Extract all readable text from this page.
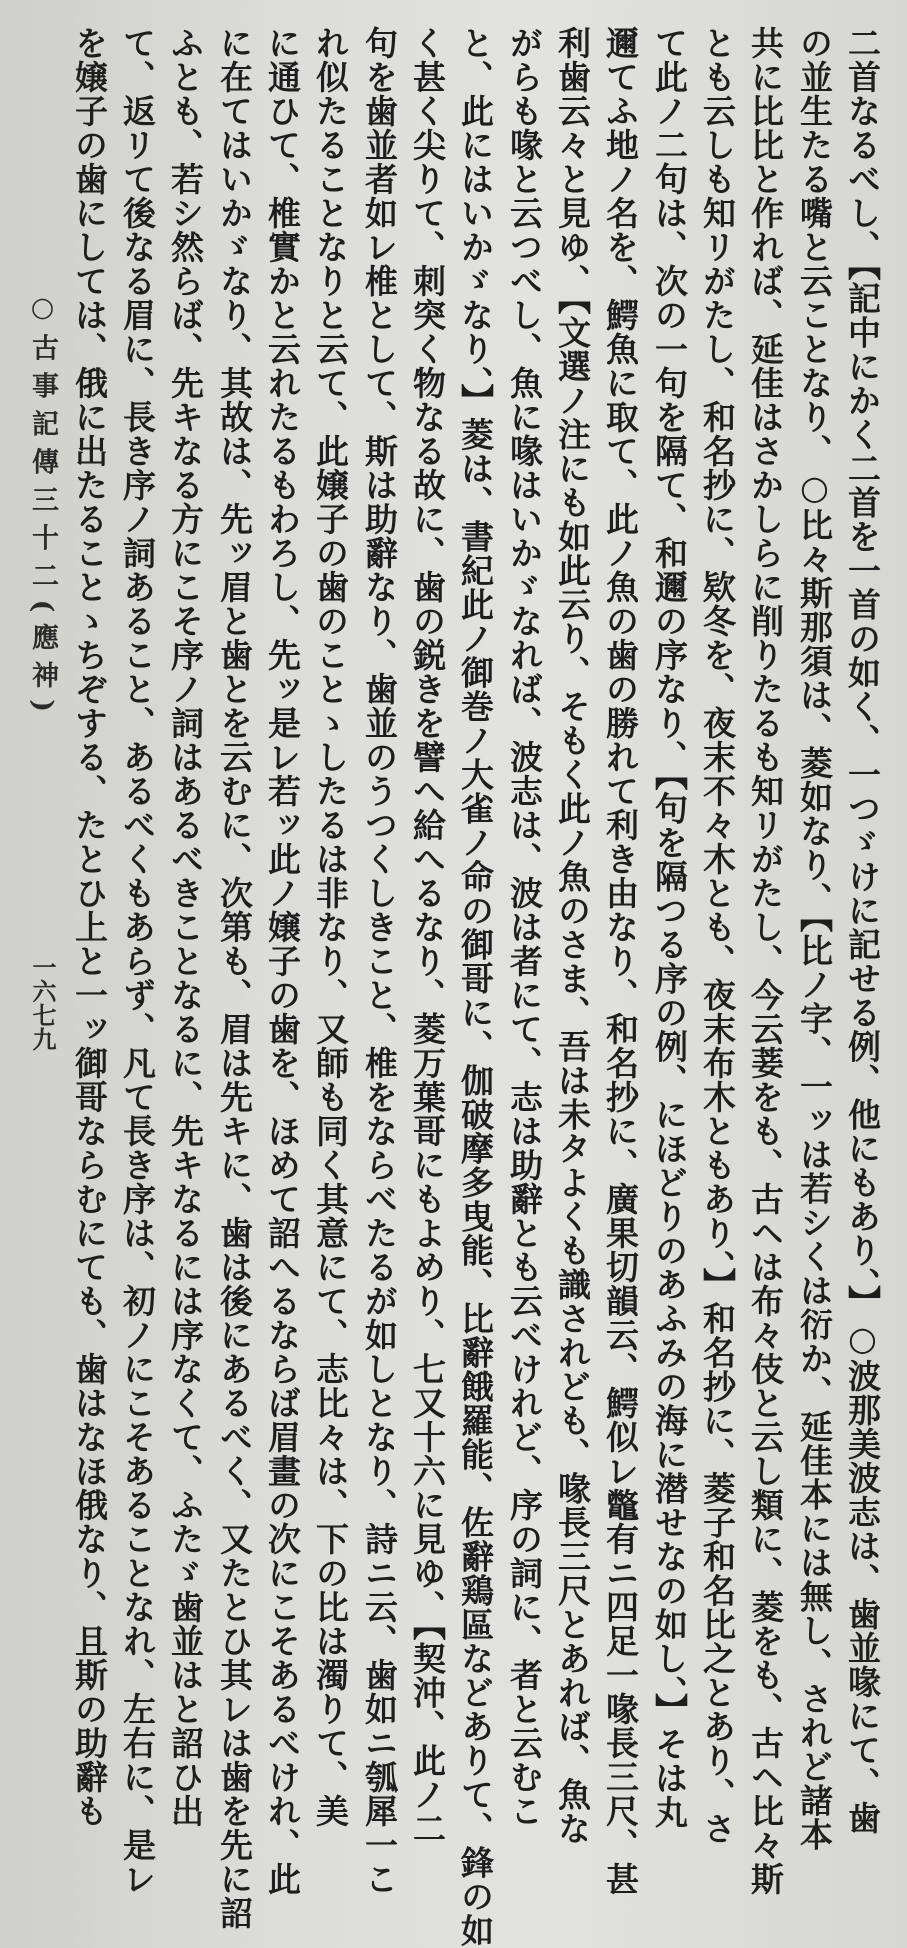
二首なるべし、【記中にかく二首を一首の如く、一つゞけに記せる例、他にもあり、】○波那美波志は、歯並喙にて、歯
の並生たる嘴と云ことなり、○比々斯那須は、菱如なり、【比ノ字、一ッは若シくは衍か、延佳本には無し、されど諸本
共に比比と作れば、延佳はさかしらに削りたるも知リがたし、今云菨をも、古ヘは布々伎と云し類に、菱をも、古ヘ比々斯
とも云しも知リがたし、和名抄に、欵冬を、夜末不々木とも、夜末布木ともあり、】和名抄に、菱子和名比之とあり、さ
て此ノ二句は、次の一句を隔て、和邇の序なり、【句を隔つる序の例、にほどりのあふみの海に潜せなの如し、】そは丸
邇てふ地ノ名を、鰐魚に取て、此ノ魚の歯の勝れて利き由なり、和名抄に、廣果切韻云、鰐似レ鼈有ニ四足一喙長三尺、甚
利歯云々と見ゆ、【文選ノ注にも如此云り、そもく此ノ魚のさま、吾は未タよくも識されども、喙長三尺とあれば、魚な
がらも喙と云つべし、魚に喙はいかゞなれば、波志は、波は者にて、志は助辭とも云べけれど、序の詞に、者と云むこ
と、此にはいかゞなり、】菱は、書紀此ノ御巻ノ大雀ノ命の御哥に、伽破摩多曳能、比辭餓羅能、佐辭鶏區などありて、鋒の如
く甚く尖りて、刺突く物なる故に、歯の鋭きを譬へ給へるなり、菱万葉哥にもよめり、七又十六に見ゆ、【契沖、此ノ二
句を歯並者如レ椎として、斯は助辭なり、歯並のうつくしきこと、椎をならべたるが如しとなり、詩ニ云、歯如ニ瓠犀一こ
れ似たることなりと云て、此嬢子の歯のことゝしたるは非なり、又師も同く其意にて、志比々は、下の比は濁りて、美
に通ひて、椎實かと云れたるもわろし、先ッ是レ若ッ此ノ嬢子の歯を、ほめて詔へるならば眉畫の次にこそあるべけれ、此
に在てはいかゞなり、其故は、先ッ眉と歯とを云むに、次第も、眉は先キに、歯は後にあるべく、又たとひ其レは歯を先に詔
ふとも、若シ然らば、先キなる方にこそ序ノ詞はあるべきことなるに、先キなるには序なくて、ふたゞ歯並はと詔ひ出
て、返リて後なる眉に、長き序ノ詞あること、あるべくもあらず、凡て長き序は、初ノにこそあることなれ、左右に、是レ
を嬢子の歯にしては、俄に出たることゝちぞする、たとひ上と一ッ御哥ならむにても、歯はなほ俄なり、且斯の助辭も
○古事記傳三十二(應神)
一六七九
